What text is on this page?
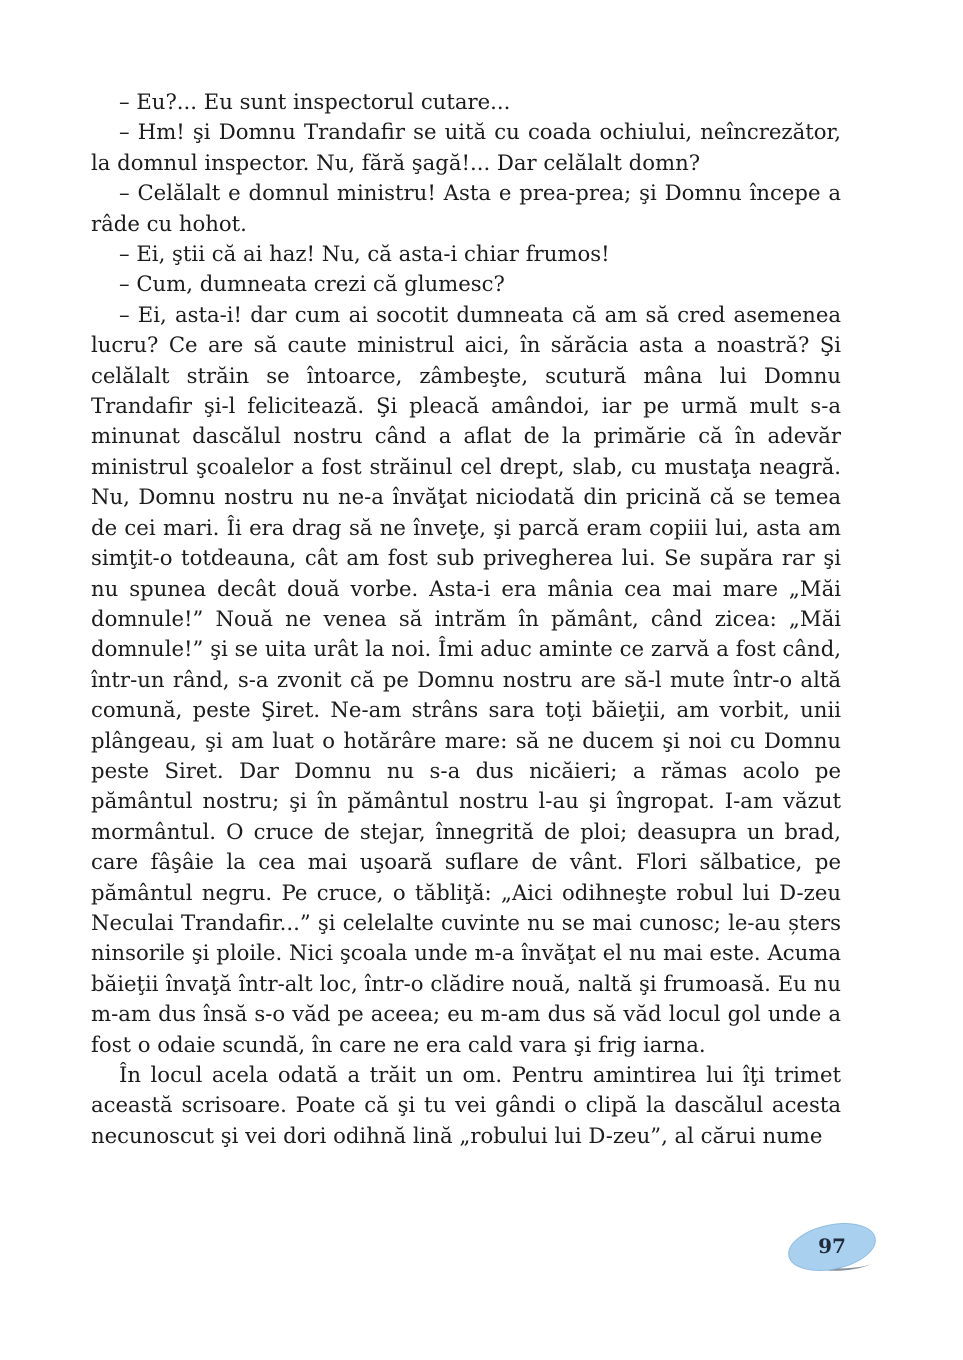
– Eu?... Eu sunt inspectorul cutare...

– Hm! şi Domnu Trandafir se uită cu coada ochiului, neîncrezător, la domnul inspector. Nu, fără şagă!... Dar celălalt domn?

– Celălalt e domnul ministru! Asta e prea-prea; şi Domnu începe a râde cu hohot.

– Ei, ştii că ai haz! Nu, că asta-i chiar frumos!

– Cum, dumneata crezi că glumesc?

– Ei, asta-i! dar cum ai socotit dumneata că am să cred asemenea lucru? Ce are să caute ministrul aici, în sărăcia asta a noastră? Şi celălalt străin se întoarce, zâmbeşte, scutură mâna lui Domnu Trandafir şi-l felicitează. Şi pleacă amândoi, iar pe urmă mult s-a minunat dascălul nostru când a aflat de la primărie că în adevăr ministrul şcoalelor a fost străinul cel drept, slab, cu mustaţa neagră. Nu, Domnu nostru nu ne-a învăţat niciodată din pricină că se temea de cei mari. Îi era drag să ne înveţe, şi parcă eram copiii lui, asta am simţit-o totdeauna, cât am fost sub privegherea lui. Se supăra rar şi nu spunea decât două vorbe. Asta-i era mânia cea mai mare „Măi domnule!” Nouă ne venea să intrăm în pământ, când zicea: „Măi domnule!” şi se uita urât la noi. Îmi aduc aminte ce zarvă a fost când, într-un rând, s-a zvonit că pe Domnu nostru are să-l mute într-o altă comună, peste Şiret. Ne-am strâns sara toţi băieţii, am vorbit, unii plângeau, şi am luat o hotărâre mare: să ne ducem şi noi cu Domnu peste Siret. Dar Domnu nu s-a dus nicăieri; a rămas acolo pe pământul nostru; şi în pământul nostru l-au şi îngropat. I-am văzut mormântul. O cruce de stejar, înnegrită de ploi; deasupra un brad, care fâşâie la cea mai uşoară suflare de vânt. Flori sălbatice, pe pământul negru. Pe cruce, o tăbliţă: „Aici odihneşte robul lui D-zeu Neculai Trandafir...” şi celelalte cuvinte nu se mai cunosc; le-au șters ninsorile şi ploile. Nici şcoala unde m-a învăţat el nu mai este. Acuma băieţii învaţă într-alt loc, într-o clădire nouă, naltă şi frumoasă. Eu nu m-am dus însă s-o văd pe aceea; eu m-am dus să văd locul gol unde a fost o odaie scundă, în care ne era cald vara şi frig iarna.

În locul acela odată a trăit un om. Pentru amintirea lui îţi trimet această scrisoare. Poate că şi tu vei gândi o clipă la dascălul acesta necunoscut şi vei dori odihnă lină „robului lui D-zeu”, al cărui nume

97
